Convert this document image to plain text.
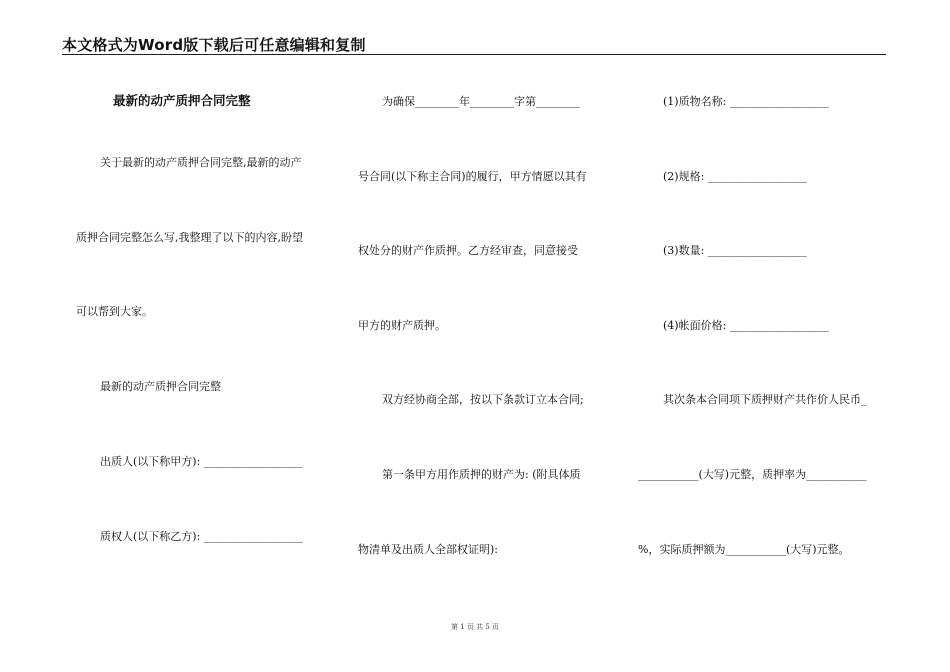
本文格式为Word版下载后可任意编辑和复制
最新的动产质押合同完整
关于最新的动产质押合同完整,最新的动产
质押合同完整怎么写,我整理了以下的内容,盼望
可以帮到大家。
最新的动产质押合同完整
出质人(以下称甲方): __________________
质权人(以下称乙方): __________________
为确保________年________字第________
号合同(以下称主合同)的履行，甲方情愿以其有
权处分的财产作质押。乙方经审查，同意接受
甲方的财产质押。
双方经协商全部，按以下条款订立本合同;
第一条甲方用作质押的财产为: (附具体质
物清单及出质人全部权证明):
(1)质物名称: __________________
(2)规格: __________________
(3)数量: __________________
(4)帐面价格: __________________
其次条本合同项下质押财产共作价人民币_
___________(大写)元整，质押率为___________
%，实际质押额为___________(大写)元整。
第 1 页 共 5 页
